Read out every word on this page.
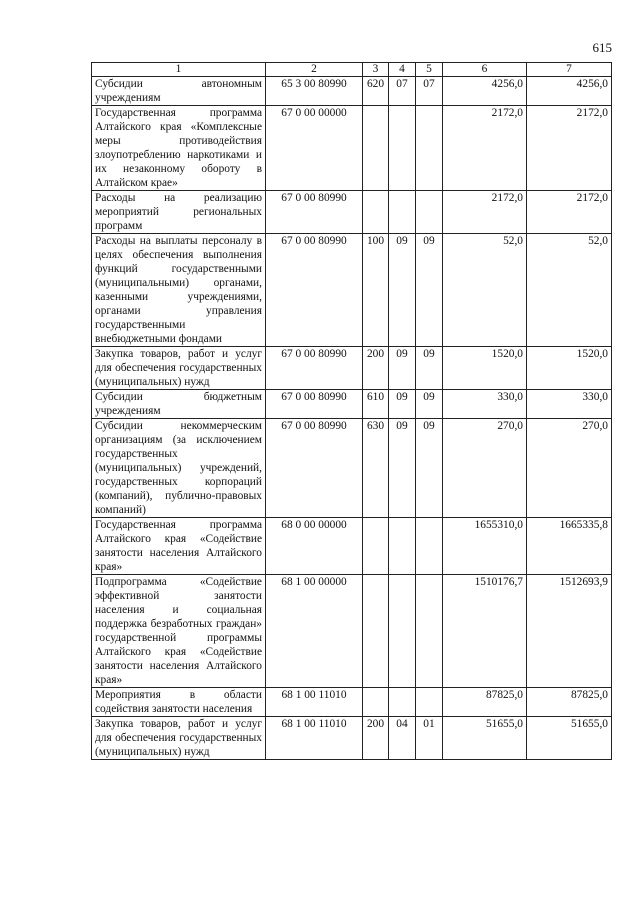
615
1	2	3	4	5	6	7
Субсидии автономным учреждениям	65 3 00 80990	620	07	07	4256,0	4256,0
Государственная программа Алтайского края «Комплексные меры противодействия злоупотреблению наркотиками и их незаконному обороту в Алтайском крае»	67 0 00 00000				2172,0	2172,0
Расходы на реализацию мероприятий региональных программ	67 0 00 80990				2172,0	2172,0
Расходы на выплаты персоналу в целях обеспечения выполнения функций государственными (муниципальными) органами, казенными учреждениями, органами управления государственными внебюджетными фондами	67 0 00 80990	100	09	09	52,0	52,0
Закупка товаров, работ и услуг для обеспечения государственных (муниципальных) нужд	67 0 00 80990	200	09	09	1520,0	1520,0
Субсидии бюджетным учреждениям	67 0 00 80990	610	09	09	330,0	330,0
Субсидии некоммерческим организациям (за исключением государственных (муниципальных) учреждений, государственных корпораций (компаний), публично-правовых компаний)	67 0 00 80990	630	09	09	270,0	270,0
Государственная программа Алтайского края «Содействие занятости населения Алтайского края»	68 0 00 00000				1655310,0	1665335,8
Подпрограмма «Содействие эффективной занятости населения и социальная поддержка безработных граждан» государственной программы Алтайского края «Содействие занятости населения Алтайского края»	68 1 00 00000				1510176,7	1512693,9
Мероприятия в области содействия занятости населения	68 1 00 11010				87825,0	87825,0
Закупка товаров, работ и услуг для обеспечения государственных (муниципальных) нужд	68 1 00 11010	200	04	01	51655,0	51655,0
